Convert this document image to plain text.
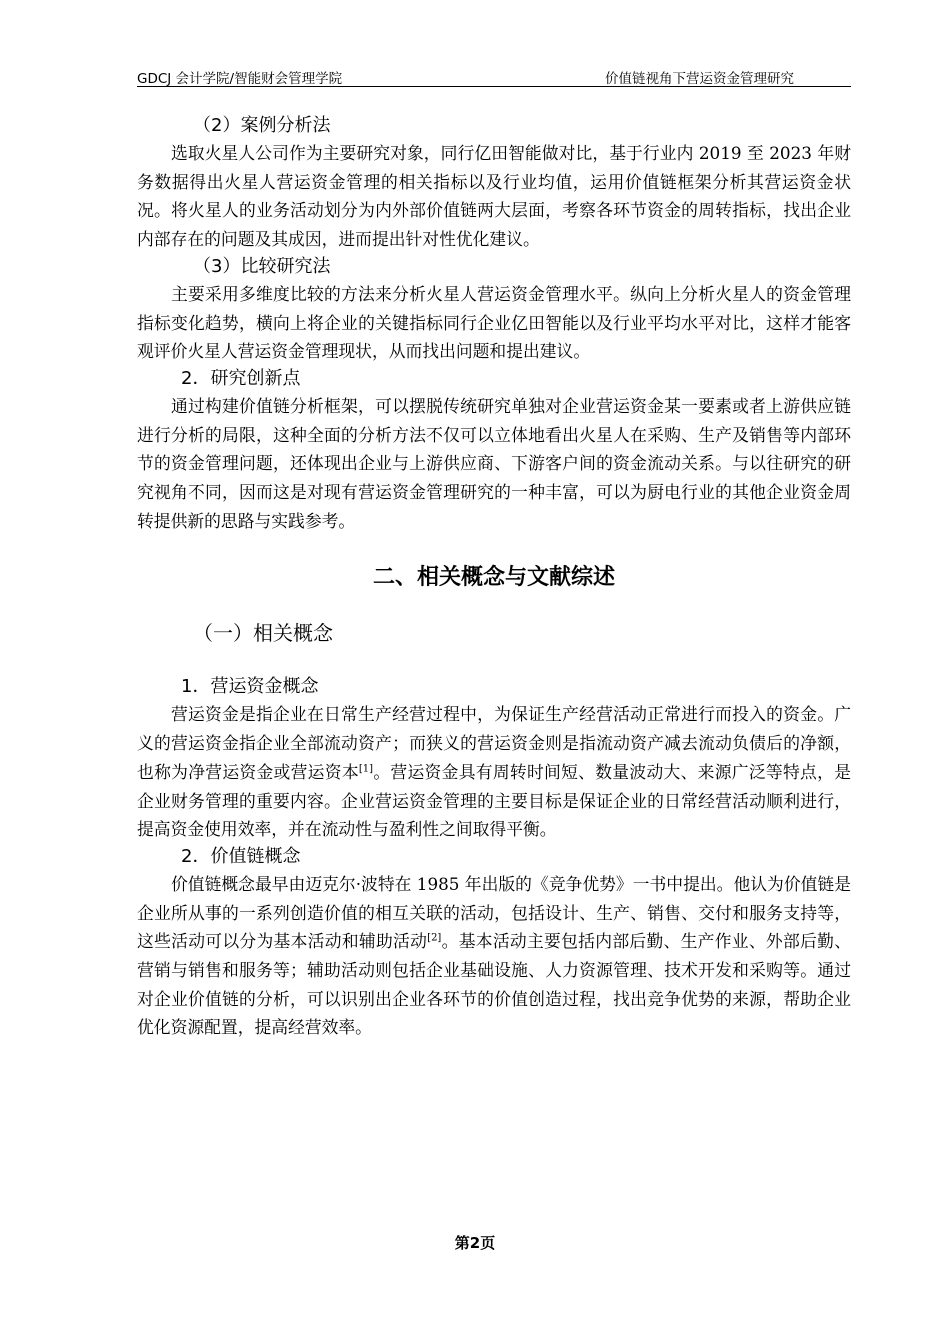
GDCJ 会计学院/智能财会管理学院	价值链视角下营运资金管理研究
（2）案例分析法

选取火星人公司作为主要研究对象，同行亿田智能做对比，基于行业内 2019 至 2023 年财务数据得出火星人营运资金管理的相关指标以及行业均值，运用价值链框架分析其营运资金状况。将火星人的业务活动划分为内外部价值链两大层面，考察各环节资金的周转指标，找出企业内部存在的问题及其成因，进而提出针对性优化建议。

（3）比较研究法

主要采用多维度比较的方法来分析火星人营运资金管理水平。纵向上分析火星人的资金管理指标变化趋势，横向上将企业的关键指标同行企业亿田智能以及行业平均水平对比，这样才能客观评价火星人营运资金管理现状，从而找出问题和提出建议。

2．研究创新点

通过构建价值链分析框架，可以摆脱传统研究单独对企业营运资金某一要素或者上游供应链进行分析的局限，这种全面的分析方法不仅可以立体地看出火星人在采购、生产及销售等内部环节的资金管理问题，还体现出企业与上游供应商、下游客户间的资金流动关系。与以往研究的研究视角不同，因而这是对现有营运资金管理研究的一种丰富，可以为厨电行业的其他企业资金周转提供新的思路与实践参考。

二、相关概念与文献综述
（一）相关概念
1．营运资金概念

营运资金是指企业在日常生产经营过程中，为保证生产经营活动正常进行而投入的资金。广义的营运资金指企业全部流动资产；而狭义的营运资金则是指流动资产减去流动负债后的净额，也称为净营运资金或营运资本[1]。营运资金具有周转时间短、数量波动大、来源广泛等特点，是企业财务管理的重要内容。企业营运资金管理的主要目标是保证企业的日常经营活动顺利进行，提高资金使用效率，并在流动性与盈利性之间取得平衡。

2．价值链概念

价值链概念最早由迈克尔·波特在 1985 年出版的《竞争优势》一书中提出。他认为价值链是企业所从事的一系列创造价值的相互关联的活动，包括设计、生产、销售、交付和服务支持等，这些活动可以分为基本活动和辅助活动[2]。基本活动主要包括内部后勤、生产作业、外部后勤、营销与销售和服务等；辅助活动则包括企业基础设施、人力资源管理、技术开发和采购等。通过对企业价值链的分析，可以识别出企业各环节的价值创造过程，找出竞争优势的来源，帮助企业优化资源配置，提高经营效率。

第2页
